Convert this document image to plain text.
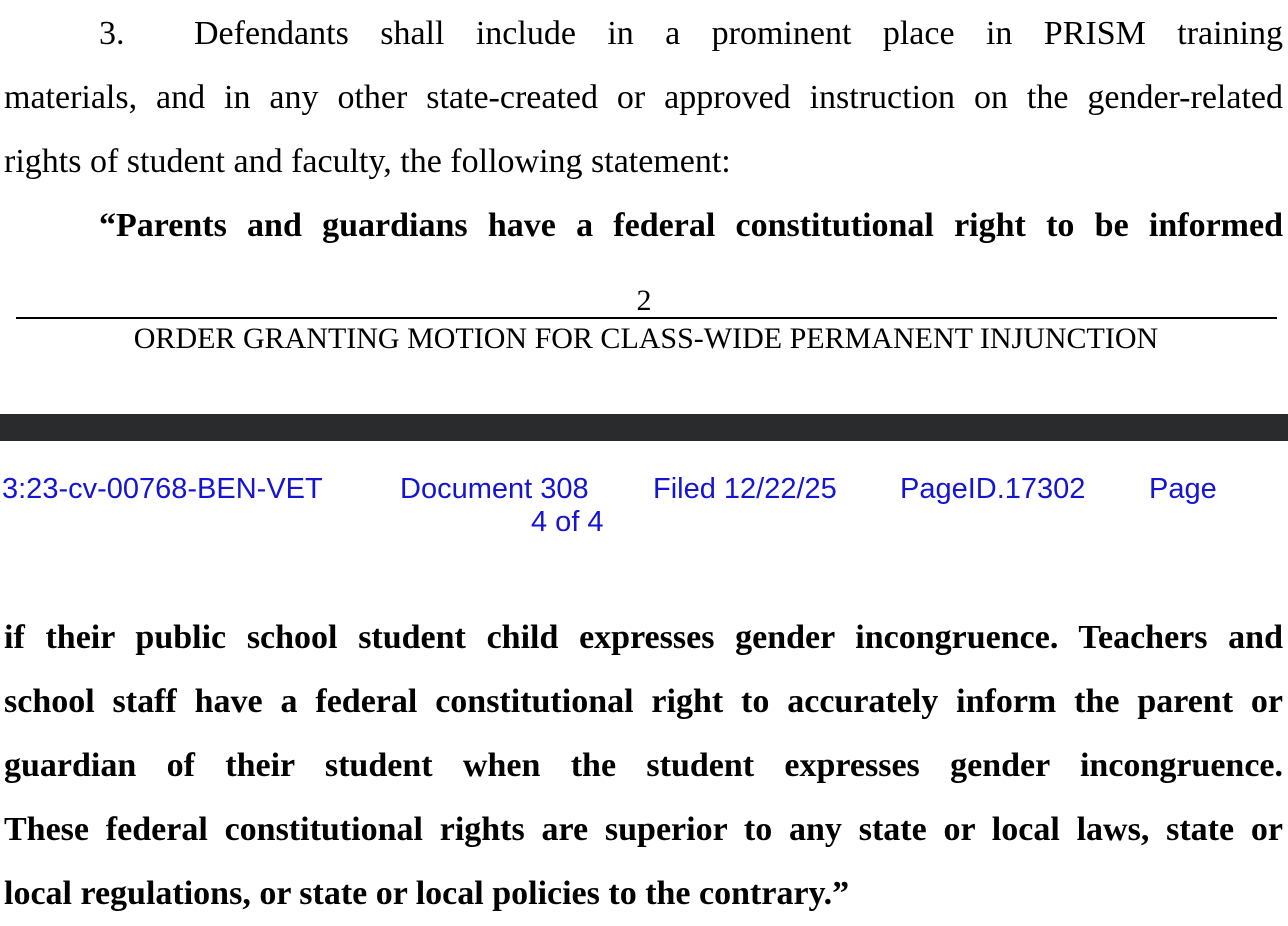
3. Defendants shall include in a prominent place in PRISM training
materials, and in any other state-created or approved instruction on the gender-related
rights of student and faculty, the following statement:
“Parents and guardians have a federal constitutional right to be informed
2
ORDER GRANTING MOTION FOR CLASS-WIDE PERMANENT INJUNCTION
3:23-cv-00768-BEN-VET	Document 308 Filed 12/22/25 PageID.17302 Page
4 of 4
if their public school student child expresses gender incongruence. Teachers and
school staff have a federal constitutional right to accurately inform the parent or
guardian of their student when the student expresses gender incongruence.
These federal constitutional rights are superior to any state or local laws, state or
local regulations, or state or local policies to the contrary.”
